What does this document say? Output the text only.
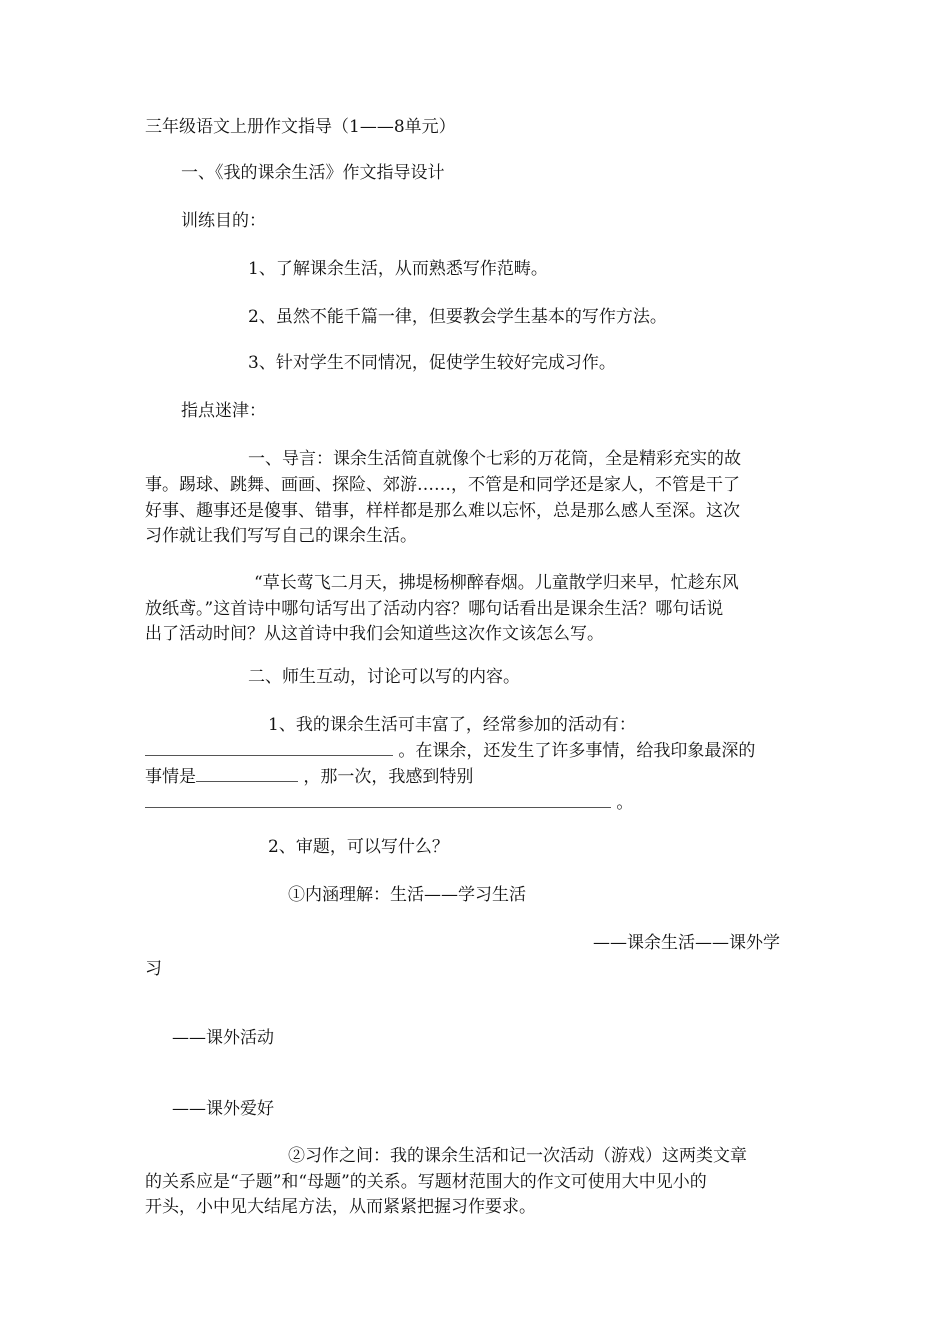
三年级语文上册作文指导（1——8单元）
一、《我的课余生活》作文指导设计
训练目的：
1、了解课余生活，从而熟悉写作范畴。
2、虽然不能千篇一律，但要教会学生基本的写作方法。
3、针对学生不同情况，促使学生较好完成习作。
指点迷津：
一、导言：课余生活简直就像个七彩的万花筒，全是精彩充实的故
事。踢球、跳舞、画画、探险、郊游……，不管是和同学还是家人，不管是干了
好事、趣事还是傻事、错事，样样都是那么难以忘怀，总是那么感人至深。这次
习作就让我们写写自己的课余生活。
“草长莺飞二月天，拂堤杨柳醉春烟。儿童散学归来早，忙趁东风
放纸鸢。”这首诗中哪句话写出了活动内容？哪句话看出是课余生活？哪句话说
出了活动时间？从这首诗中我们会知道些这次作文该怎么写。
二、师生互动，讨论可以写的内容。
1、我的课余生活可丰富了，经常参加的活动有：
。在课余，还发生了许多事情，给我印象最深的
事情是	，那一次，我感到特别
。
2、审题，可以写什么？
①内涵理解：生活——学习生活
——课余生活——课外学
习
——课外活动
——课外爱好
②习作之间：我的课余生活和记一次活动（游戏）这两类文章
的关系应是“子题”和“母题”的关系。写题材范围大的作文可使用大中见小的
开头，小中见大结尾方法，从而紧紧把握习作要求。
